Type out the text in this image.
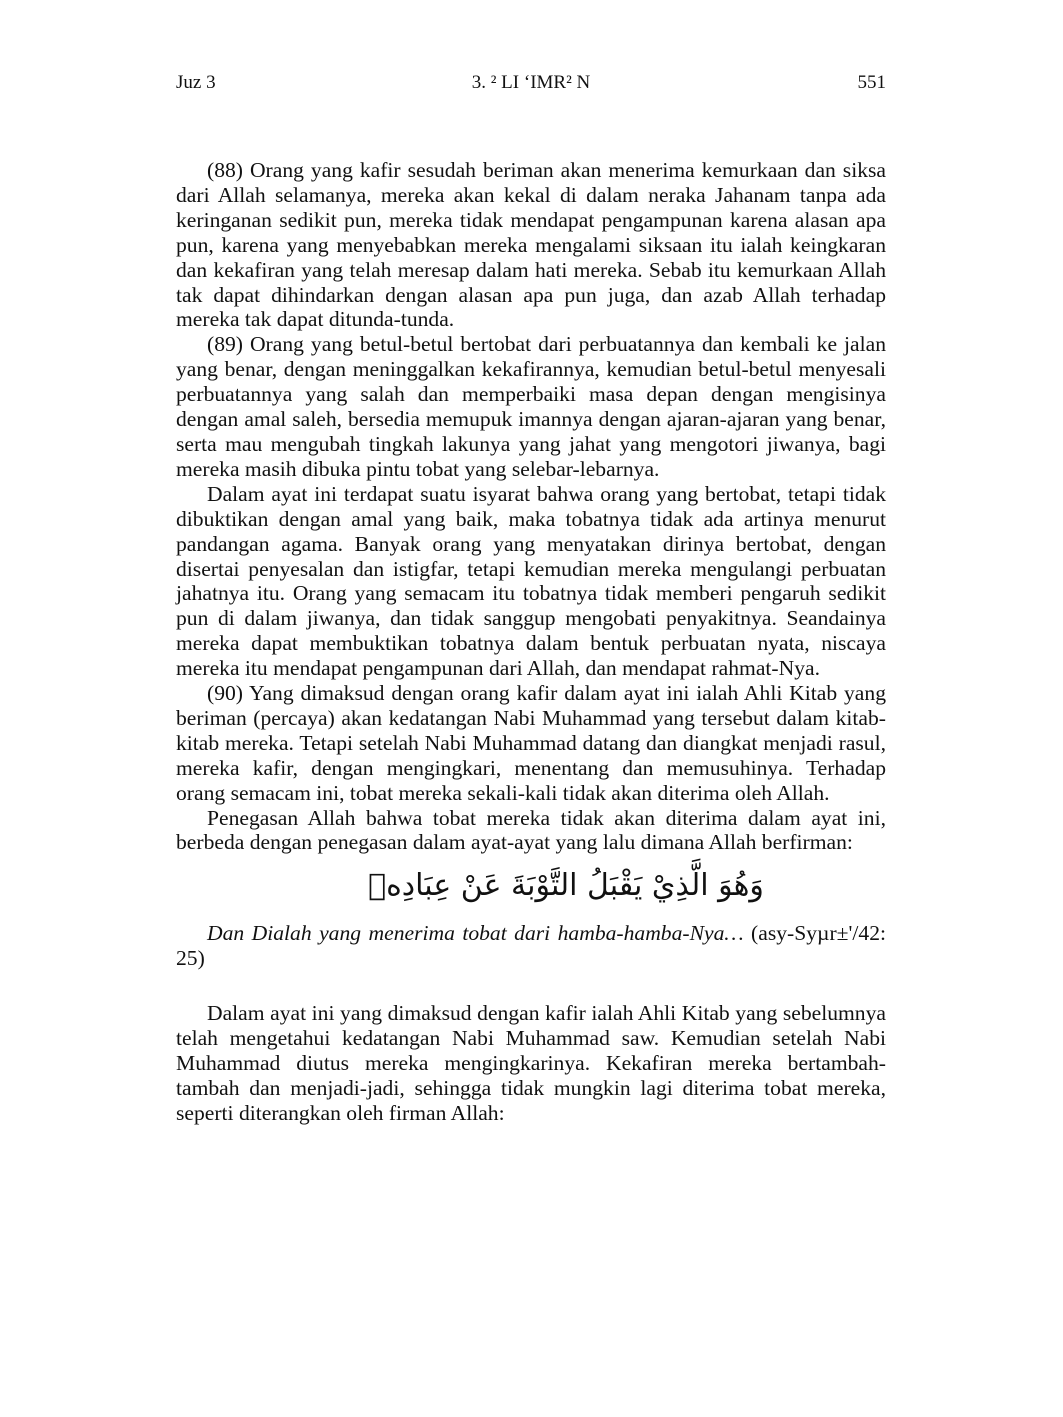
Juz 3	3. ² LI ‘IMR² N	551

(88) Orang yang kafir sesudah beriman akan menerima kemurkaan dan siksa dari Allah selamanya, mereka akan kekal di dalam neraka Jahanam tanpa ada keringanan sedikit pun, mereka tidak mendapat pengampunan karena alasan apa pun, karena yang menyebabkan mereka mengalami siksaan itu ialah keingkaran dan kekafiran yang telah meresap dalam hati mereka. Sebab itu kemurkaan Allah tak dapat dihindarkan dengan alasan apa pun juga, dan azab Allah terhadap mereka tak dapat ditunda-tunda.

(89) Orang yang betul-betul bertobat dari perbuatannya dan kembali ke jalan yang benar, dengan meninggalkan kekafirannya, kemudian betul-betul menyesali perbuatannya yang salah dan memperbaiki masa depan dengan mengisinya dengan amal saleh, bersedia memupuk imannya dengan ajaran-ajaran yang benar, serta mau mengubah tingkah lakunya yang jahat yang mengotori jiwanya, bagi mereka masih dibuka pintu tobat yang selebar-lebarnya.

Dalam ayat ini terdapat suatu isyarat bahwa orang yang bertobat, tetapi tidak dibuktikan dengan amal yang baik, maka tobatnya tidak ada artinya menurut pandangan agama. Banyak orang yang menyatakan dirinya bertobat, dengan disertai penyesalan dan istigfar, tetapi kemudian mereka mengulangi perbuatan jahatnya itu. Orang yang semacam itu tobatnya tidak memberi pengaruh sedikit pun di dalam jiwanya, dan tidak sanggup mengobati penyakitnya. Seandainya mereka dapat membuktikan tobatnya dalam bentuk perbuatan nyata, niscaya mereka itu mendapat pengampunan dari Allah, dan mendapat rahmat-Nya.

(90) Yang dimaksud dengan orang kafir dalam ayat ini ialah Ahli Kitab yang beriman (percaya) akan kedatangan Nabi Muhammad yang tersebut dalam kitab-kitab mereka. Tetapi setelah Nabi Muhammad datang dan diangkat menjadi rasul, mereka kafir, dengan mengingkari, menentang dan memusuhinya. Terhadap orang semacam ini, tobat mereka sekali-kali tidak akan diterima oleh Allah.

Penegasan Allah bahwa tobat mereka tidak akan diterima dalam ayat ini, berbeda dengan penegasan dalam ayat-ayat yang lalu dimana Allah berfirman:

وَهُوَ الَّذِيْ يَقْبَلُ التَّوْبَةَ عَنْ عِبَادِهٖ

Dan Dialah yang menerima tobat dari hamba-hamba-Nya… (asy-Syµr±'/42: 25)

Dalam ayat ini yang dimaksud dengan kafir ialah Ahli Kitab yang sebelumnya telah mengetahui kedatangan Nabi Muhammad saw. Kemudian setelah Nabi Muhammad diutus mereka mengingkarinya. Kekafiran mereka bertambah-tambah dan menjadi-jadi, sehingga tidak mungkin lagi diterima tobat mereka, seperti diterangkan oleh firman Allah:
